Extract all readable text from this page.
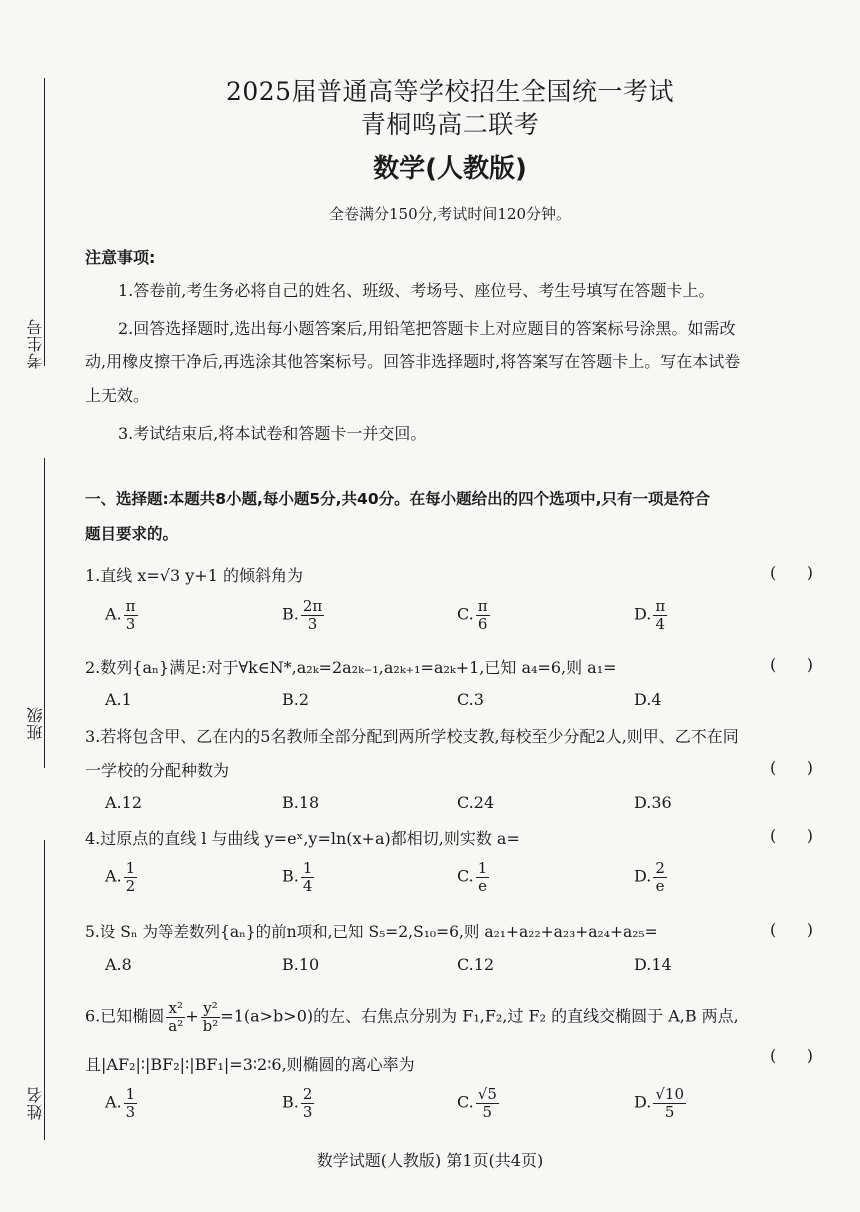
考生号
班级
姓名
2025届普通高等学校招生全国统一考试
青桐鸣高二联考
数学(人教版)
全卷满分150分,考试时间120分钟。
注意事项:
1.答卷前,考生务必将自己的姓名、班级、考场号、座位号、考生号填写在答题卡上。
2.回答选择题时,选出每小题答案后,用铅笔把答题卡上对应题目的答案标号涂黑。如需改
动,用橡皮擦干净后,再选涂其他答案标号。回答非选择题时,将答案写在答题卡上。写在本试卷
上无效。
3.考试结束后,将本试卷和答题卡一并交回。
一、选择题:本题共8小题,每小题5分,共40分。在每小题给出的四个选项中,只有一项是符合
题目要求的。
1.直线 x=√3 y+1 的倾斜角为	(      )
A. $\frac{\pi}{3}$	B. $\frac{2\pi}{3}$	C. $\frac{\pi}{6}$	D. $\frac{\pi}{4}$
2.数列{aₙ}满足:对于∀k∈N*,a₂ₖ=2a₂ₖ₋₁,a₂ₖ₊₁=a₂ₖ+1,已知 a₄=6,则 a₁=	(      )
A.1	B.2	C.3	D.4
3.若将包含甲、乙在内的5名教师全部分配到两所学校支教,每校至少分配2人,则甲、乙不在同
一学校的分配种数为	(      )
A.12	B.18	C.24	D.36
4.过原点的直线 l 与曲线 y=eˣ,y=ln(x+a)都相切,则实数 a=	(      )
A. $\frac{1}{2}$	B. $\frac{1}{4}$	C. $\frac{1}{e}$	D. $\frac{2}{e}$
5.设 Sₙ 为等差数列{aₙ}的前n项和,已知 S₅=2,S₁₀=6,则 a₂₁+a₂₂+a₂₃+a₂₄+a₂₅=	(      )
A.8	B.10	C.12	D.14
6.已知椭圆 $\frac{\text{x²}}{\text{a²}} + \frac{\text{y²}}{\text{b²}} =1(a>b>0)$的左、右焦点分别为 F₁,F₂,过 F₂ 的直线交椭圆于 A,B 两点,
且|AF₂|∶|BF₂|∶|BF₁|=3∶2∶6,则椭圆的离心率为	(      )
A. $\frac{1}{3}$	B. $\frac{2}{3}$	C. $\frac{√5}{5}$	D. $\frac{√10}{5}$
数学试题(人教版) 第1页(共4页)
